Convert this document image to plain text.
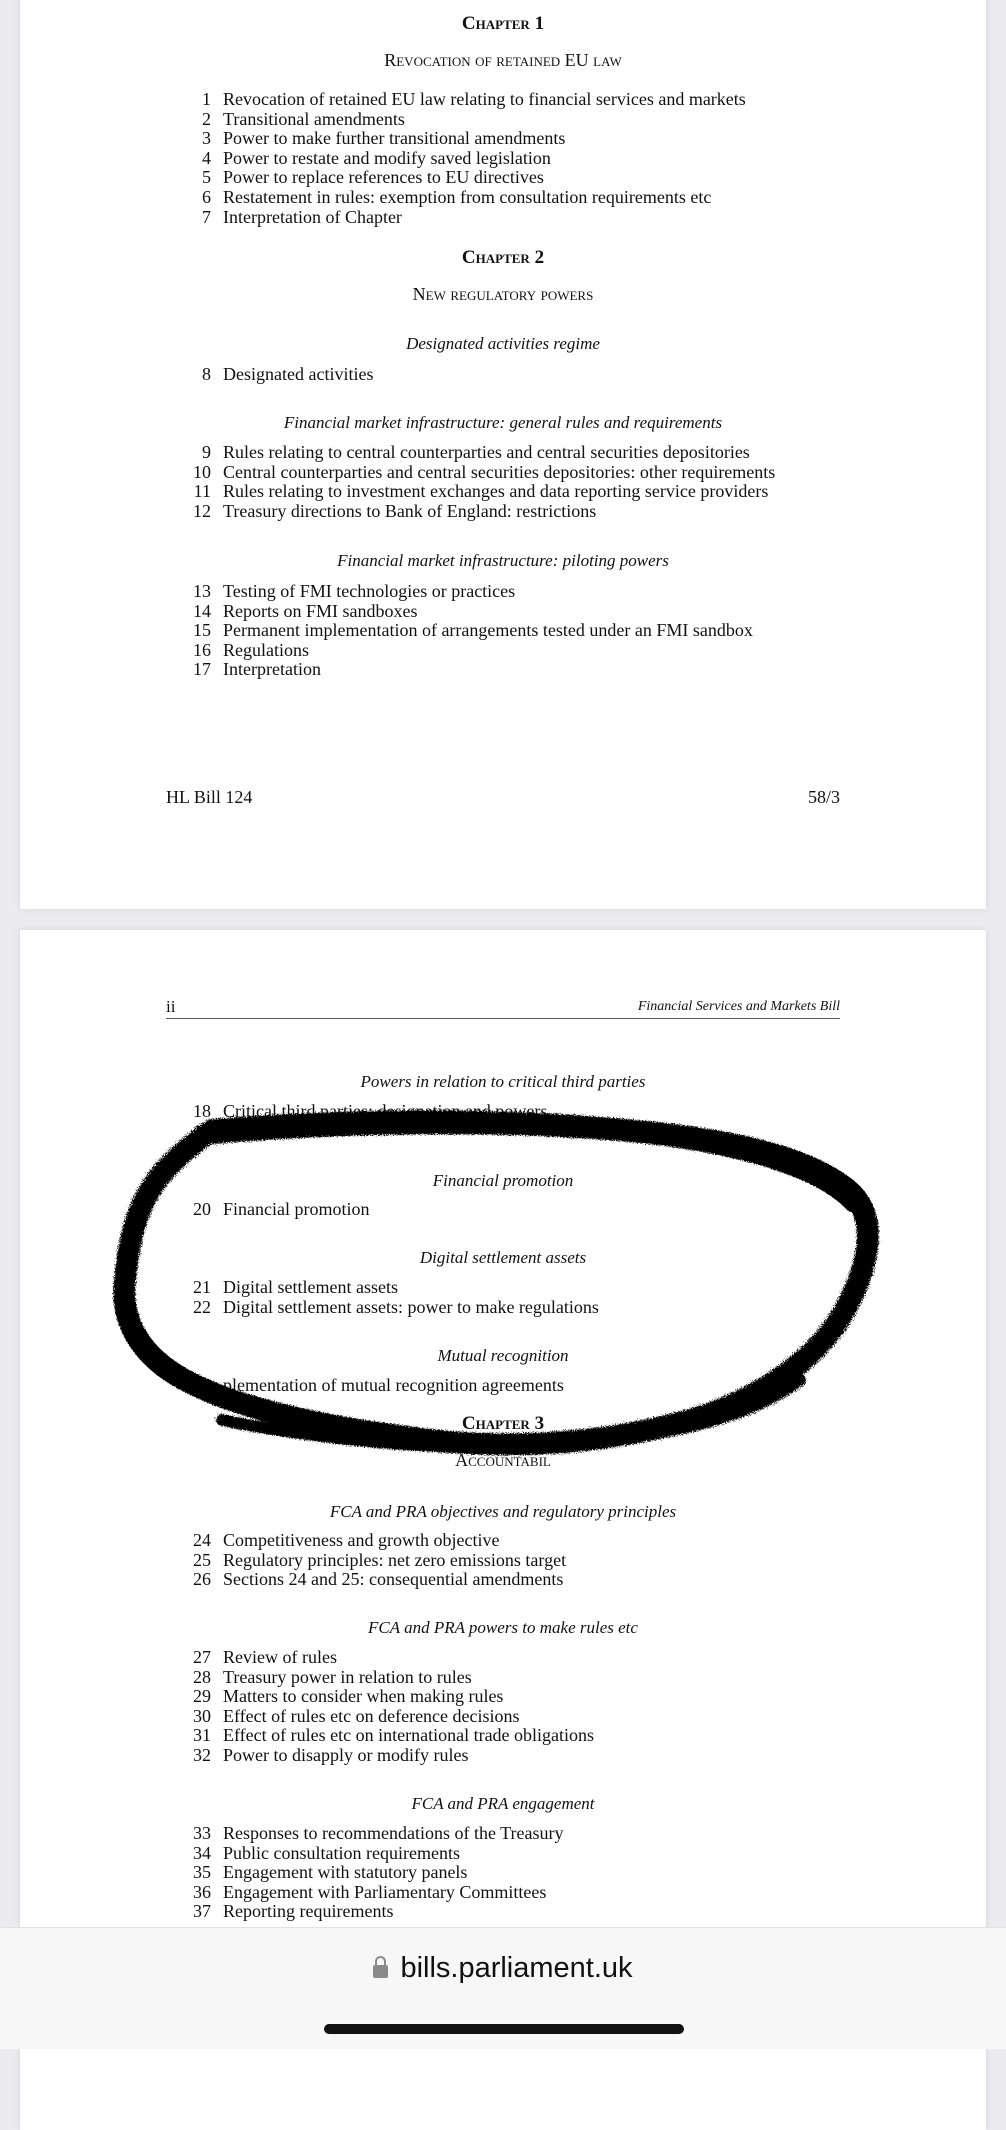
Chapter 1
Revocation of retained EU law
1 Revocation of retained EU law relating to financial services and markets
2 Transitional amendments
3 Power to make further transitional amendments
4 Power to restate and modify saved legislation
5 Power to replace references to EU directives
6 Restatement in rules: exemption from consultation requirements etc
7 Interpretation of Chapter
Chapter 2
New regulatory powers
Designated activities regime
8 Designated activities
Financial market infrastructure: general rules and requirements
9 Rules relating to central counterparties and central securities depositories
10 Central counterparties and central securities depositories: other requirements
11 Rules relating to investment exchanges and data reporting service providers
12 Treasury directions to Bank of England: restrictions
Financial market infrastructure: piloting powers
13 Testing of FMI technologies or practices
14 Reports on FMI sandboxes
15 Permanent implementation of arrangements tested under an FMI sandbox
16 Regulations
17 Interpretation
HL Bill 124	58/3
ii	Financial Services and Markets Bill
Powers in relation to critical third parties
18 Critical third parties: designation and powers
19
Financial promotion
20 Financial promotion
Digital settlement assets
21 Digital settlement assets
22 Digital settlement assets: power to make regulations
Mutual recognition
plementation of mutual recognition agreements
Chapter 3
Accountabil
FCA and PRA objectives and regulatory principles
24 Competitiveness and growth objective
25 Regulatory principles: net zero emissions target
26 Sections 24 and 25: consequential amendments
FCA and PRA powers to make rules etc
27 Review of rules
28 Treasury power in relation to rules
29 Matters to consider when making rules
30 Effect of rules etc on deference decisions
31 Effect of rules etc on international trade obligations
32 Power to disapply or modify rules
FCA and PRA engagement
33 Responses to recommendations of the Treasury
34 Public consultation requirements
35 Engagement with statutory panels
36 Engagement with Parliamentary Committees
37 Reporting requirements
bills.parliament.uk
